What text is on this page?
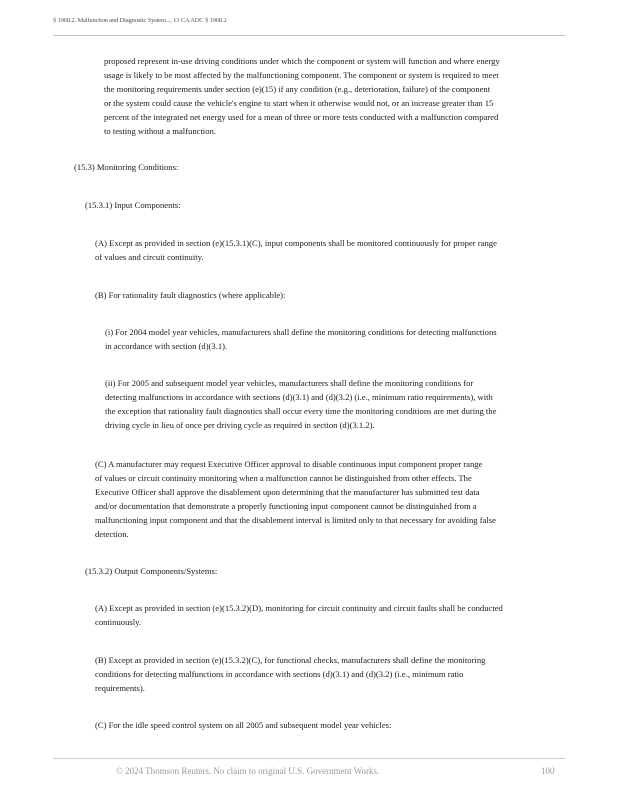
§ 1968.2. Malfunction and Diagnostic System..., 13 CA ADC § 1968.2
proposed represent in-use driving conditions under which the component or system will function and where energy
usage is likely to be most affected by the malfunctioning component. The component or system is required to meet
the monitoring requirements under section (e)(15) if any condition (e.g., deterioration, failure) of the component
or the system could cause the vehicle's engine to start when it otherwise would not, or an increase greater than 15
percent of the integrated net energy used for a mean of three or more tests conducted with a malfunction compared
to testing without a malfunction.
(15.3) Monitoring Conditions:
(15.3.1) Input Components:
(A) Except as provided in section (e)(15.3.1)(C), input components shall be monitored continuously for proper range
of values and circuit continuity.
(B) For rationality fault diagnostics (where applicable):
(i) For 2004 model year vehicles, manufacturers shall define the monitoring conditions for detecting malfunctions
in accordance with section (d)(3.1).
(ii) For 2005 and subsequent model year vehicles, manufacturers shall define the monitoring conditions for
detecting malfunctions in accordance with sections (d)(3.1) and (d)(3.2) (i.e., minimum ratio requirements), with
the exception that rationality fault diagnostics shall occur every time the monitoring conditions are met during the
driving cycle in lieu of once per driving cycle as required in section (d)(3.1.2).
(C) A manufacturer may request Executive Officer approval to disable continuous input component proper range
of values or circuit continuity monitoring when a malfunction cannot be distinguished from other effects. The
Executive Officer shall approve the disablement upon determining that the manufacturer has submitted test data
and/or documentation that demonstrate a properly functioning input component cannot be distinguished from a
malfunctioning input component and that the disablement interval is limited only to that necessary for avoiding false
detection.
(15.3.2) Output Components/Systems:
(A) Except as provided in section (e)(15.3.2)(D), monitoring for circuit continuity and circuit faults shall be conducted
continuously.
(B) Except as provided in section (e)(15.3.2)(C), for functional checks, manufacturers shall define the monitoring
conditions for detecting malfunctions in accordance with sections (d)(3.1) and (d)(3.2) (i.e., minimum ratio
requirements).
(C) For the idle speed control system on all 2005 and subsequent model year vehicles:
© 2024 Thomson Reuters. No claim to original U.S. Government Works.	100
